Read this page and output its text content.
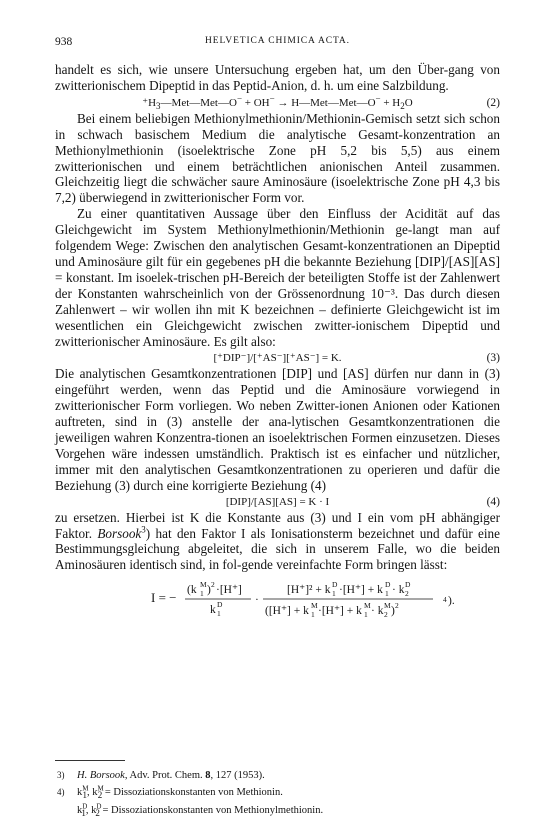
938	HELVETICA CHIMICA ACTA.

handelt es sich, wie unsere Untersuchung ergeben hat, um den Über-gang von zwitterionischem Dipeptid in das Peptid-Anion, d. h. um eine Salzbildung.

$^+H_3—Met—Met—O^- + OH^-$ → H—Met—Met—O− + $H_2O$	(2)

Bei einem beliebigen Methionylmethionin/Methionin-Gemisch setzt sich schon in schwach basischem Medium die analytische Gesamt-konzentration an Methionylmethionin (isoelektrische Zone pH 5,2 bis 5,5) aus einem zwitterionischen und einem beträchtlichen anionischen Anteil zusammen. Gleichzeitig liegt die schwächer saure Aminosäure (isoelektrische Zone pH 4,3 bis 7,2) überwiegend in zwitterionischer Form vor.

Zu einer quantitativen Aussage über den Einfluss der Acidität auf das Gleichgewicht im System Methionylmethionin/Methionin ge-langt man auf folgendem Wege: Zwischen den analytischen Gesamt-konzentrationen an Dipeptid und Aminosäure gilt für ein gegebenes pH die bekannte Beziehung [DIP]/[AS][AS] = konstant. Im isoelek-trischen pH-Bereich der beteiligten Stoffe ist der Zahlenwert der Konstanten wahrscheinlich von der Grössenordnung 10⁻³. Das durch diesen Zahlenwert – wir wollen ihn mit K bezeichnen – definierte Gleichgewicht ist im wesentlichen ein Gleichgewicht zwischen zwitter-ionischem Dipeptid und zwitterionischer Aminosäure. Es gilt also:

[⁺DIP⁻]/[⁺AS⁻][⁺AS⁻] = K.	(3)

Die analytischen Gesamtkonzentrationen [DIP] und [AS] dürfen nur dann in (3) eingeführt werden, wenn das Peptid und die Aminosäure vorwiegend in zwitterionischer Form vorliegen. Wo neben Zwitter-ionen Anionen oder Kationen auftreten, sind in (3) anstelle der ana-lytischen Gesamtkonzentrationen die jeweiligen wahren Konzentra-tionen an isoelektrischen Formen einzusetzen. Dieses Vorgehen wäre indessen umständlich. Praktisch ist es einfacher und nützlicher, immer mit den analytischen Gesamtkonzentrationen zu operieren und dafür die Beziehung (3) durch eine korrigierte Beziehung (4)

[DIP]/[AS][AS] = K · I	(4)

zu ersetzen. Hierbei ist K die Konstante aus (3) und I ein vom pH abhängiger Faktor. Borsook$^3$) hat den Faktor I als Ionisationsterm bezeichnet und dafür eine Bestimmungsgleichung abgeleitet, die sich in unserem Falle, wo die beiden Aminosäuren identisch sind, in fol-gende vereinfachte Form bringen lässt:

I = − (k M
1 ) 2 ·[H⁺]
k D
1
·
[H⁺]² + k D
1 ·[H⁺] + k D
1 · k D
2
([H⁺] + k M
1 ·[H⁺] + k M
1 · k M
2 ) 2
4 ).
3) H. Borsook, Adv. Prot. Chem. 8, 127 (1953).
4) $k^M_1$, $k^M_2$ = Dissoziationskonstanten von Methionin.
$k^D_1$, $k^D_2$ = Dissoziationskonstanten von Methionylmethionin.
